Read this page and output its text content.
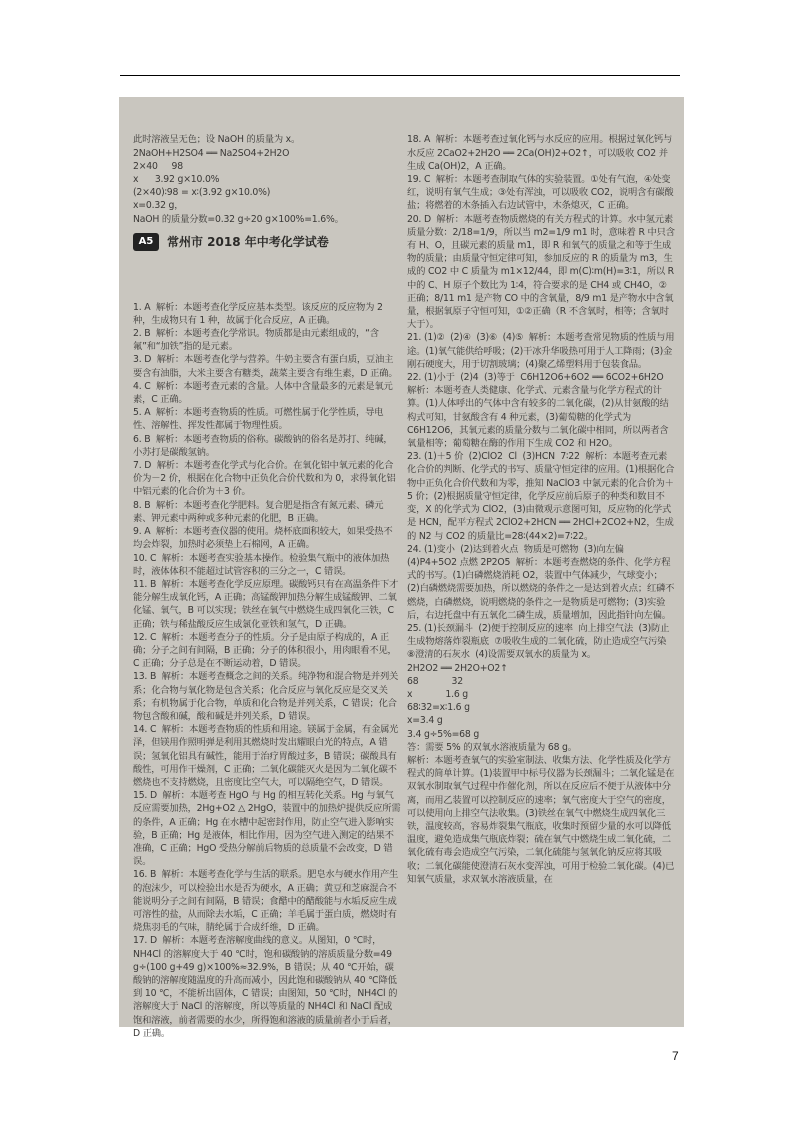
此时溶液呈无色；设 NaOH 的质量为 x。
2NaOH+H2SO4 ══ Na2SO4+2H2O
2×40     98
x      3.92 g×10.0%
(2×40)∶98 = x∶(3.92 g×10.0%)
x=0.32 g，
NaOH 的质量分数=0.32 g÷20 g×100%=1.6%。

1. A  解析：本题考查化学反应基本类型。该反应的反应物为 2 种，生成物只有 1 种，故属于化合反应，A 正确。
2. B  解析：本题考查化学常识。物质都是由元素组成的，“含氟”和“加铁”指的是元素。
3. D  解析：本题考查化学与营养。牛奶主要含有蛋白质，豆油主要含有油脂，大米主要含有糖类，蔬菜主要含有维生素，D 正确。
4. C  解析：本题考查元素的含量。人体中含量最多的元素是氧元素，C 正确。
5. A  解析：本题考查物质的性质。可燃性属于化学性质，导电性、溶解性、挥发性都属于物理性质。
6. B  解析：本题考查物质的俗称。碳酸钠的俗名是苏打、纯碱，小苏打是碳酸氢钠。
7. D  解析：本题考查化学式与化合价。在氧化铝中氧元素的化合价为－2 价，根据在化合物中正负化合价代数和为 0，求得氧化铝中铝元素的化合价为＋3 价。
8. B  解析：本题考查化学肥料。复合肥是指含有氮元素、磷元素、钾元素中两种或多种元素的化肥，B 正确。
9. A  解析：本题考查仪器的使用。烧杯底面积较大，如果受热不均会炸裂，加热时必须垫上石棉网，A 正确。
10. C  解析：本题考查实验基本操作。检验集气瓶中的液体加热时，液体体积不能超过试管容积的三分之一，C 错误。
11. B  解析：本题考查化学反应原理。碳酸钙只有在高温条件下才能分解生成氧化钙，A 正确；高锰酸钾加热分解生成锰酸钾、二氧化锰、氧气，B 可以实现；铁丝在氧气中燃烧生成四氧化三铁，C 正确；铁与稀盐酸反应生成氯化亚铁和氢气，D 正确。
12. C  解析：本题考查分子的性质。分子是由原子构成的，A 正确；分子之间有间隔，B 正确；分子的体积很小，用肉眼看不见，C 正确；分子总是在不断运动着，D 错误。
13. B  解析：本题考查概念之间的关系。纯净物和混合物是并列关系；化合物与氧化物是包含关系；化合反应与氧化反应是交叉关系；有机物属于化合物，单质和化合物是并列关系，C 错误；化合物包含酸和碱，酸和碱是并列关系，D 错误。
14. C  解析：本题考查物质的性质和用途。镁属于金属，有金属光泽，但镁用作照明弹是利用其燃烧时发出耀眼白光的特点，A 错误；氢氧化铝具有碱性，能用于治疗胃酸过多，B 错误；碳酸具有酸性，可用作干燥剂，C 正确；二氧化碳能灭火是因为二氧化碳不燃烧也不支持燃烧，且密度比空气大，可以隔绝空气，D 错误。
15. D  解析：本题考查 HgO 与 Hg 的相互转化关系。Hg 与氧气反应需要加热，2Hg+O2 △ 2HgO，装置中的加热炉提供反应所需的条件，A 正确；Hg 在水槽中起密封作用，防止空气进入影响实验，B 正确；Hg 是液体，相比作用，因为空气进入测定的结果不准确，C 正确；HgO 受热分解前后物质的总质量不会改变，D 错误。
16. B  解析：本题考查化学与生活的联系。肥皂水与硬水作用产生的泡沫少，可以检验出水是否为硬水，A 正确；黄豆和芝麻混合不能说明分子之间有间隔，B 错误；食醋中的醋酸能与水垢反应生成可溶性的盐，从而除去水垢，C 正确；羊毛属于蛋白质，燃烧时有烧焦羽毛的气味，腈纶属于合成纤维，D 正确。
17. D  解析：本题考查溶解度曲线的意义。从图知，0 ℃时，NH4Cl 的溶解度大于 40 ℃时，饱和碳酸钠的溶质质量分数=49 g÷(100 g+49 g)×100%≈32.9%，B 错误；从 40 ℃开始，碳酸钠的溶解度随温度的升高而减小，因此饱和碳酸钠从 40 ℃降低到 10 ℃，不能析出固体，C 错误；由图知，50 ℃时，NH4Cl 的溶解度大于 NaCl 的溶解度，所以等质量的 NH4Cl 和 NaCl 配成饱和溶液，前者需要的水少，所得饱和溶液的质量前者小于后者，D 正确。

A5	常州市 2018 年中考化学试卷

18. A  解析：本题考查过氧化钙与水反应的应用。根据过氧化钙与水反应 2CaO2+2H2O ══ 2Ca(OH)2+O2↑，可以吸收 CO2 并生成 Ca(OH)2，A 正确。
19. C  解析：本题考查制取气体的实验装置。①处有气泡，④处变红，说明有氧气生成；③处有浑浊，可以吸收 CO2，说明含有碳酸盐；将燃着的木条插入右边试管中，木条熄灭，C 正确。
20. D  解析：本题考查物质燃烧的有关方程式的计算。水中氢元素质量分数：2/18=1/9，所以当 m2=1/9 m1 时，意味着 R 中只含有 H、O，且碳元素的质量 m1，即 R 和氧气的质量之和等于生成物的质量；由质量守恒定律可知，参加反应的 R 的质量为 m3，生成的 CO2 中 C 质量为 m1×12/44，即 m(C)∶m(H)=3∶1，所以 R 中的 C、H 原子个数比为 1∶4，符合要求的是 CH4 或 CH4O，②正确；8/11 m1 是产物 CO 中的含氧量，8/9 m1 是产物水中含氧量，根据氧原子守恒可知，①②正确（R 不含氧时，相等；含氧时大于）。
21. (1)②  (2)④  (3)⑥  (4)⑤  解析：本题考查常见物质的性质与用途。(1)氧气能供给呼吸；(2)干冰升华吸热可用于人工降雨；(3)金刚石硬度大，用于切割玻璃；(4)聚乙烯塑料用于包装食品。
22. (1)小于  (2)4  (3)等于  C6H12O6+6O2 ══ 6CO2+6H2O  解析：本题考查人类健康、化学式、元素含量与化学方程式的计算。(1)人体呼出的气体中含有较多的二氧化碳，(2)从甘氨酸的结构式可知，甘氨酸含有 4 种元素，(3)葡萄糖的化学式为 C6H12O6，其氧元素的质量分数与二氧化碳中相同，所以两者含氧量相等；葡萄糖在酶的作用下生成 CO2 和 H2O。
23. (1)＋5 价  (2)ClO2  Cl  (3)HCN  7∶22  解析：本题考查元素化合价的判断、化学式的书写、质量守恒定律的应用。(1)根据化合物中正负化合价代数和为零，推知 NaClO3 中氯元素的化合价为＋5 价；(2)根据质量守恒定律，化学反应前后原子的种类和数目不变，X 的化学式为 ClO2，(3)由微观示意图可知，反应物的化学式是 HCN，配平方程式 2ClO2+2HCN ══ 2HCl+2CO2+N2，生成的 N2 与 CO2 的质量比=28∶(44×2)=7∶22。
24. (1)变小  (2)达到着火点  物质是可燃物  (3)向左偏  (4)P4+5O2 点燃 2P2O5  解析：本题考查燃烧的条件、化学方程式的书写。(1)白磷燃烧消耗 O2，装置中气体减少，气球变小；(2)白磷燃烧需要加热，所以燃烧的条件之一是达到着火点；红磷不燃烧，白磷燃烧，说明燃烧的条件之一是物质是可燃物；(3)实验后，右边托盘中有五氧化二磷生成，质量增加，因此指针向左偏。
25. (1)长颈漏斗  (2)便于控制反应的速率  向上排空气法  (3)防止生成物熔落炸裂瓶底  ⑦吸收生成的二氧化硫，防止造成空气污染  ⑧澄清的石灰水  (4)设需要双氧水的质量为 x。
2H2O2 ══ 2H2O+O2↑
68            32
x            1.6 g
68∶32=x∶1.6 g
x=3.4 g
3.4 g÷5%=68 g
答：需要 5% 的双氧水溶液质量为 68 g。
解析：本题考查氧气的实验室制法、收集方法、化学性质及化学方程式的简单计算。(1)装置甲中标号仪器为长颈漏斗；二氧化锰是在双氧水制取氧气过程中作催化剂，所以在反应后不便于从液体中分离，而用乙装置可以控制反应的速率；氧气密度大于空气的密度，可以使用向上排空气法收集。(3)铁丝在氧气中燃烧生成四氧化三铁，温度较高，容易炸裂集气瓶底，收集时预留少量的水可以降低温度，避免造成集气瓶底炸裂；硫在氧气中燃烧生成二氧化硫，二氧化硫有毒会造成空气污染，二氧化硫能与氢氧化钠反应将其吸收；二氧化碳能使澄清石灰水变浑浊，可用于检验二氧化碳。(4)已知氧气质量，求双氧水溶液质量，在

7
